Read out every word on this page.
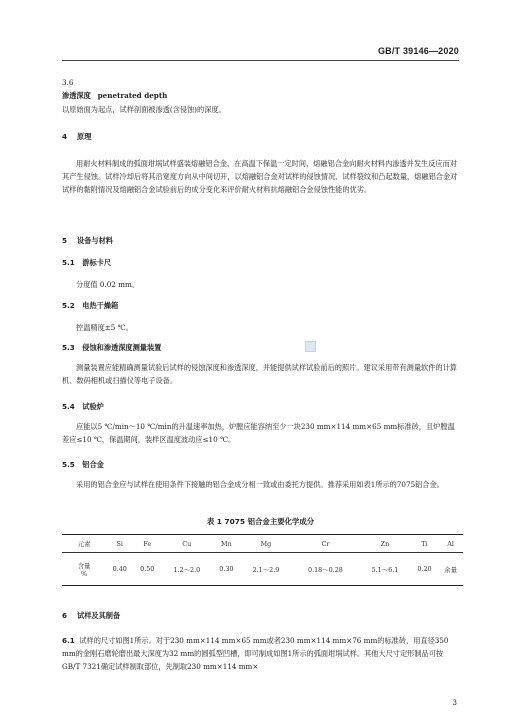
GB/T 39146—2020
3.6
渗透深度 penetrated depth
以原始面为起点，试样剖面被渗透(含侵蚀)的深度。
4 原理

用耐火材料制成的弧面坩埚试样盛装熔融铝合金，在高温下保温一定时间，熔融铝合金向耐火材料内渗透并发生反应而对其产生侵蚀。试样冷却后将其沿宽度方向从中间切开，以熔融铝合金对试样的侵蚀情况、试样裂纹和凸起数量、熔融铝合金对试样的黏附情况及熔融铝合金试验前后的成分变化来评价耐火材料抗熔融铝合金侵蚀性能的优劣。

5 设备与材料
5.1 游标卡尺
分度值 0.02 mm。
5.2 电热干燥箱
控温精度±5 ℃。
5.3 侵蚀和渗透深度测量装置

测量装置应能精确测量试验后试样的侵蚀深度和渗透深度，并能提供试样试验前后的照片。建议采用带有测量软件的计算机、数码相机或扫描仪等电子设备。

5.4 试验炉

应能以5 ℃/min～10 ℃/min的升温速率加热，炉膛应能容纳至少一块230 mm×114 mm×65 mm标准砖，且炉膛温差应≤10 ℃，保温期间，装样区温度波动应≤10 ℃。

5.5 铝合金

采用的铝合金应与试样在使用条件下接触的铝合金成分相一致或由委托方提供。推荐采用如表1所示的7075铝合金。

表 1 7075 铝合金主要化学成分
元素	Si	Fe	Cu	Mn	Mg	Cr	Zn	Ti	Al

含量
%	0.40	0.50	1.2～2.0	0.30	2.1～2.9	0.18～0.28	5.1～6.1	0.20	余量
6 试样及其制备

6.1 试样的尺寸如图1所示。对于230 mm×114 mm×65 mm或者230 mm×114 mm×76 mm的标准砖，用直径350 mm的金刚石磨轮磨出最大深度为32 mm的圆弧型凹槽，即可制成如图1所示的弧面坩埚试样。其他大尺寸定形制品可按GB/T 7321确定试样制取部位，先制取230 mm×114 mm×

3
